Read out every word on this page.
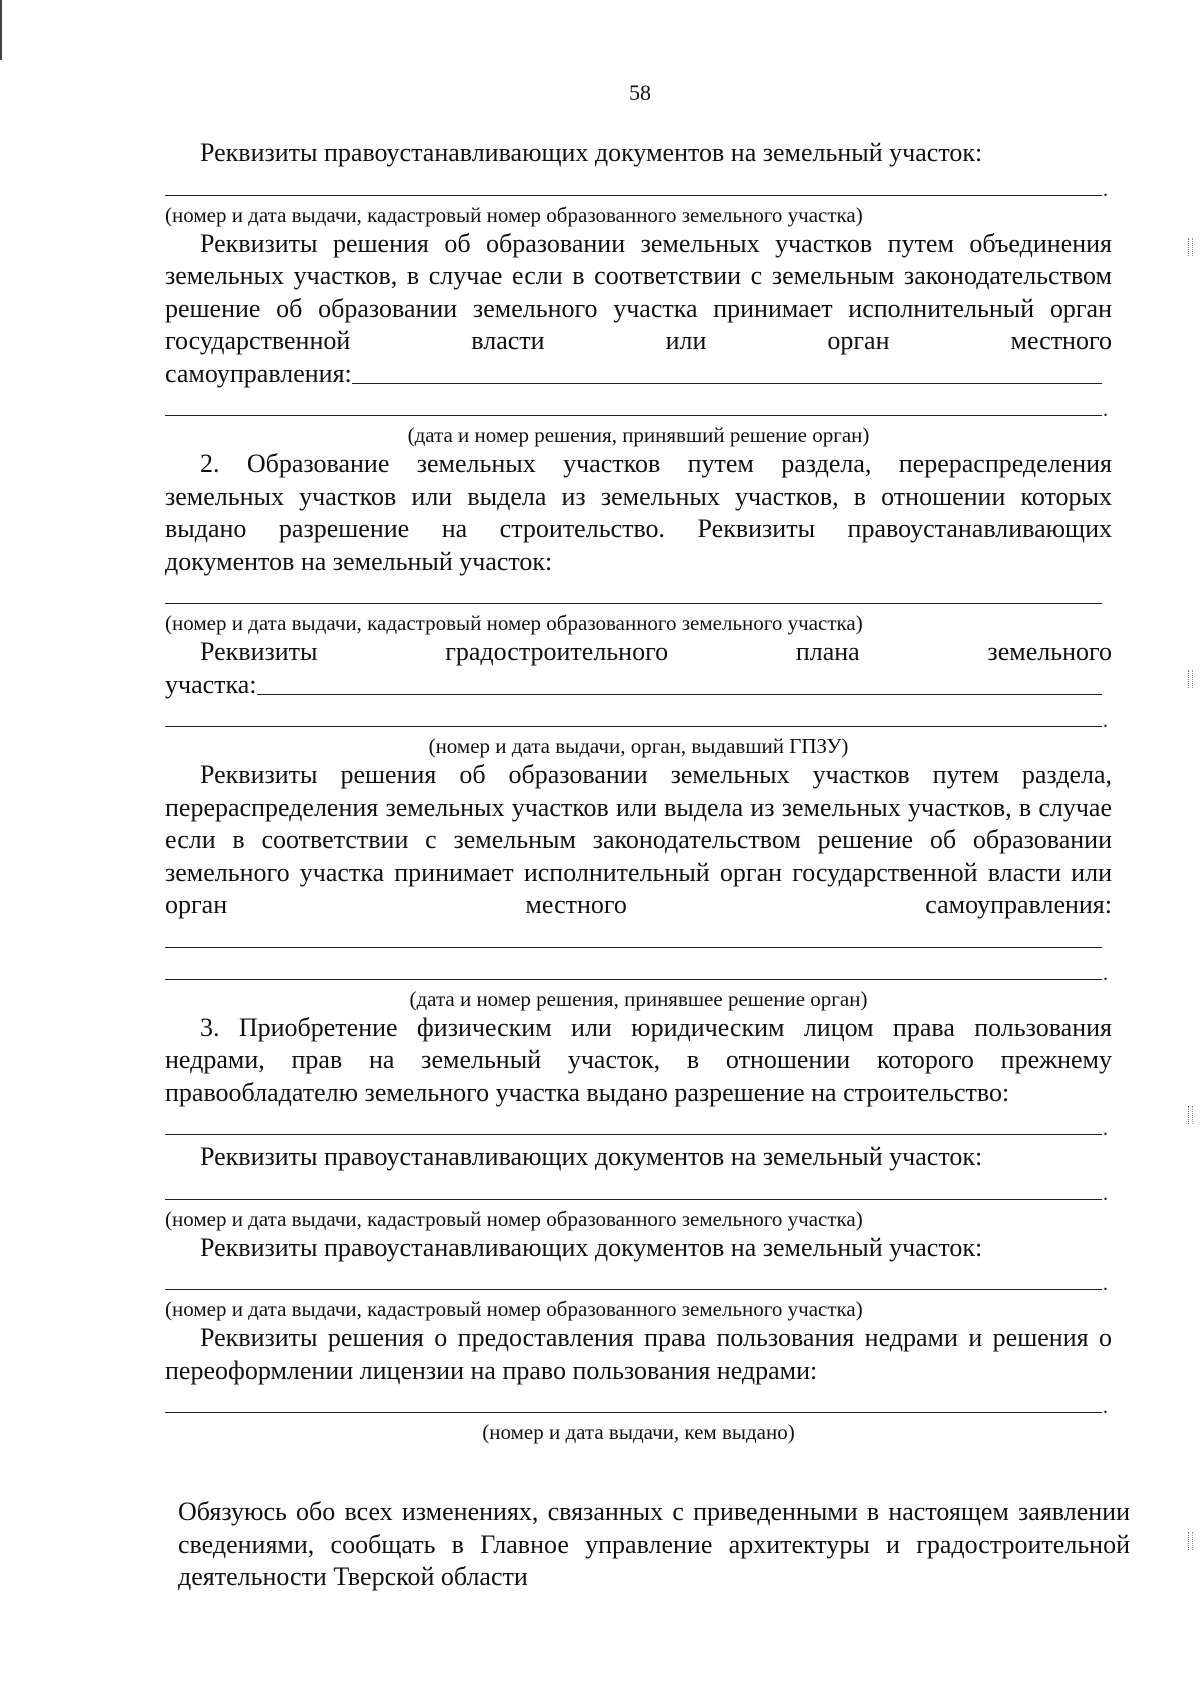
58

Реквизиты правоустанавливающих документов на земельный участок:

.

(номер и дата выдачи, кадастровый номер образованного земельного участка)

Реквизиты решения об образовании земельных участков путем объединения земельных участков, в случае если в соответствии с земельным законодательством решение об образовании земельного участка принимает исполнительный орган государственной власти или орган местного

самоуправления:
.

(дата и номер решения, принявший решение орган)

2. Образование земельных участков путем раздела, перераспределения земельных участков или выдела из земельных участков, в отношении которых выдано разрешение на строительство. Реквизиты правоустанавливающих документов на земельный участок:

(номер и дата выдачи, кадастровый номер образованного земельного участка)

Реквизиты градостроительного плана земельного

участка:
.

(номер и дата выдачи, орган, выдавший ГПЗУ)

Реквизиты решения об образовании земельных участков путем раздела, перераспределения земельных участков или выдела из земельных участков, в случае если в соответствии с земельным законодательством решение об образовании земельного участка принимает исполнительный орган государственной власти или орган местного самоуправления:

.

(дата и номер решения, принявшее решение орган)

3. Приобретение физическим или юридическим лицом права пользования недрами, прав на земельный участок, в отношении которого прежнему правообладателю земельного участка выдано разрешение на строительство:

.

Реквизиты правоустанавливающих документов на земельный участок:

.

(номер и дата выдачи, кадастровый номер образованного земельного участка)

Реквизиты правоустанавливающих документов на земельный участок:

.

(номер и дата выдачи, кадастровый номер образованного земельного участка)

Реквизиты решения о предоставления права пользования недрами и решения о переоформлении лицензии на право пользования недрами:

.

(номер и дата выдачи, кем выдано)

Обязуюсь обо всех изменениях, связанных с приведенными в настоящем заявлении сведениями, сообщать в Главное управление архитектуры и градостроительной деятельности Тверской области
